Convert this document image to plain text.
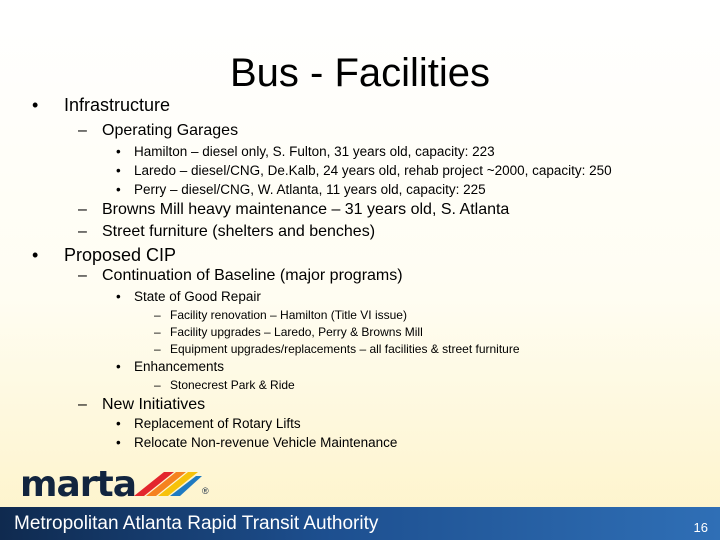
Bus - Facilities
• Infrastructure
– Operating Garages
• Hamilton – diesel only, S. Fulton, 31 years old, capacity: 223
• Laredo – diesel/CNG, De.Kalb, 24 years old, rehab project ~2000, capacity: 250
• Perry – diesel/CNG, W. Atlanta, 11 years old, capacity: 225
– Browns Mill heavy maintenance – 31 years old, S. Atlanta
– Street furniture (shelters and benches)
• Proposed CIP
– Continuation of Baseline (major programs)
• State of Good Repair
– Facility renovation – Hamilton (Title VI issue)
– Facility upgrades – Laredo, Perry & Browns Mill
– Equipment upgrades/replacements – all facilities & street furniture
• Enhancements
– Stonecrest Park & Ride
– New Initiatives
• Replacement of Rotary Lifts
• Relocate Non-revenue Vehicle Maintenance
marta	®
Metropolitan Atlanta Rapid Transit Authority	16
